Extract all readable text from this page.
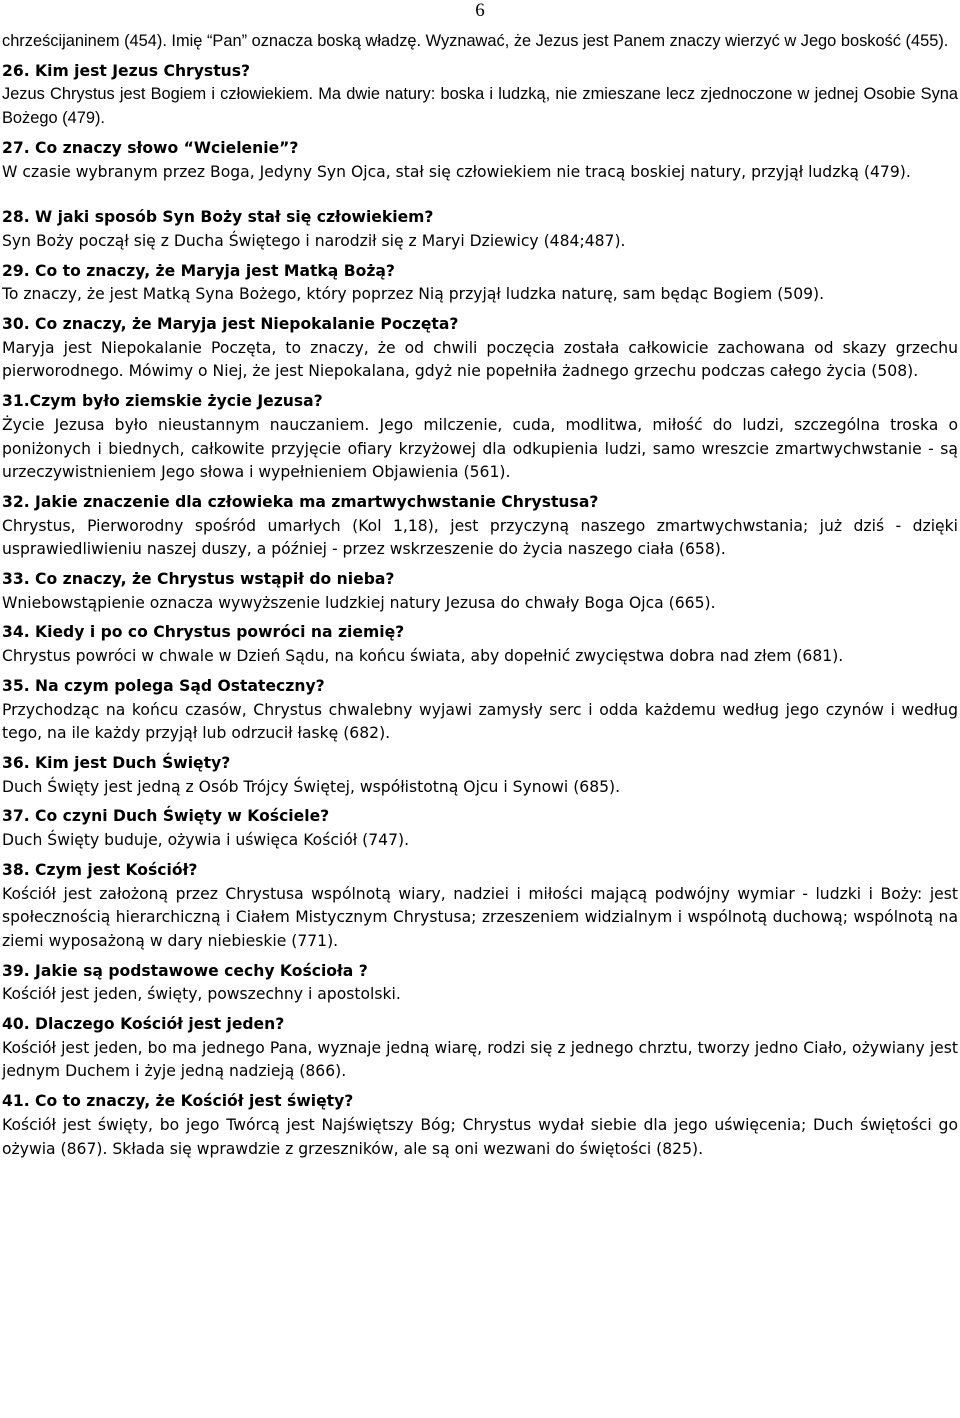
6

chrześcijaninem (454). Imię “Pan” oznacza boską władzę. Wyznawać, że Jezus jest Panem znaczy wierzyć w Jego boskość (455).

26. Kim jest Jezus Chrystus?

Jezus Chrystus jest Bogiem i człowiekiem. Ma dwie natury: boska i ludzką, nie zmieszane lecz zjednoczone w jednej Osobie Syna Bożego (479).

27. Co znaczy słowo “Wcielenie”?

W czasie wybranym przez Boga, Jedyny Syn Ojca, stał się człowiekiem nie tracą boskiej natury, przyjął ludzką (479).

28. W jaki sposób Syn Boży stał się człowiekiem?

Syn Boży począł się z Ducha Świętego i narodził się z Maryi Dziewicy (484;487).

29. Co to znaczy, że Maryja jest Matką Bożą?

To znaczy, że jest Matką Syna Bożego, który poprzez Nią przyjął ludzka naturę, sam będąc Bogiem (509).

30. Co znaczy, że Maryja jest Niepokalanie Poczęta?

Maryja jest Niepokalanie Poczęta, to znaczy, że od chwili poczęcia została całkowicie zachowana od skazy grzechu pierworodnego. Mówimy o Niej, że jest Niepokalana, gdyż nie popełniła żadnego grzechu podczas całego życia (508).

31.Czym było ziemskie życie Jezusa?

Życie Jezusa było nieustannym nauczaniem. Jego milczenie, cuda, modlitwa, miłość do ludzi, szczególna troska o poniżonych i biednych, całkowite przyjęcie ofiary krzyżowej dla odkupienia ludzi, samo wreszcie zmartwychwstanie - są urzeczywistnieniem Jego słowa i wypełnieniem Objawienia (561).

32. Jakie znaczenie dla człowieka ma zmartwychwstanie Chrystusa?

Chrystus, Pierworodny spośród umarłych (Kol 1,18), jest przyczyną naszego zmartwychwstania; już dziś - dzięki usprawiedliwieniu naszej duszy, a później - przez wskrzeszenie do życia naszego ciała (658).

33. Co znaczy, że Chrystus wstąpił do nieba?

Wniebowstąpienie oznacza wywyższenie ludzkiej natury Jezusa do chwały Boga Ojca (665).

34. Kiedy i po co Chrystus powróci na ziemię?

Chrystus powróci w chwale w Dzień Sądu, na końcu świata, aby dopełnić zwycięstwa dobra nad złem (681).

35. Na czym polega Sąd Ostateczny?

Przychodząc na końcu czasów, Chrystus chwalebny wyjawi zamysły serc i odda każdemu według jego czynów i według tego, na ile każdy przyjął lub odrzucił łaskę (682).

36. Kim jest Duch Święty?

Duch Święty jest jedną z Osób Trójcy Świętej, współistotną Ojcu i Synowi (685).

37. Co czyni Duch Święty w Kościele?

Duch Święty buduje, ożywia i uświęca Kościół (747).

38. Czym jest Kościół?

Kościół jest założoną przez Chrystusa wspólnotą wiary, nadziei i miłości mającą podwójny wymiar - ludzki i Boży: jest społecznością hierarchiczną i Ciałem Mistycznym Chrystusa; zrzeszeniem widzialnym i wspólnotą duchową; wspólnotą na ziemi wyposażoną w dary niebieskie (771).

39. Jakie są podstawowe cechy Kościoła ?

Kościół jest jeden, święty, powszechny i apostolski.

40. Dlaczego Kościół jest jeden?

Kościół jest jeden, bo ma jednego Pana, wyznaje jedną wiarę, rodzi się z jednego chrztu, tworzy jedno Ciało, ożywiany jest jednym Duchem i żyje jedną nadzieją (866).

41. Co to znaczy, że Kościół jest święty?

Kościół jest święty, bo jego Twórcą jest Najświętszy Bóg; Chrystus wydał siebie dla jego uświęcenia; Duch świętości go ożywia (867). Składa się wprawdzie z grzeszników, ale są oni wezwani do świętości (825).
